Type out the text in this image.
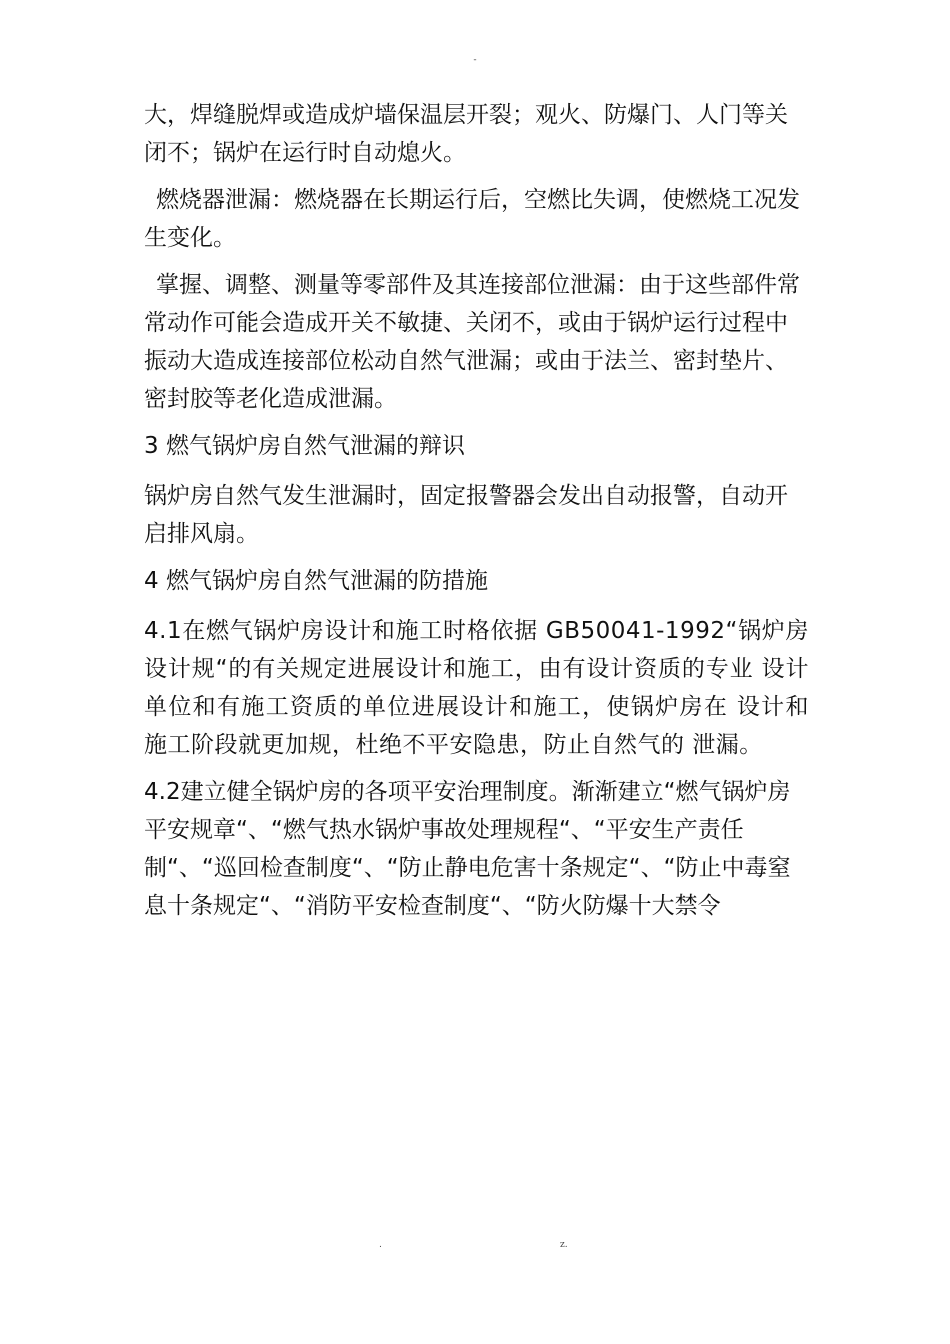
-

大，焊缝脱焊或造成炉墙保温层开裂；观火、防爆门、人门等关闭不；锅炉在运行时自动熄火。

燃烧器泄漏：燃烧器在长期运行后，空燃比失调，使燃烧工况发生变化。

掌握、调整、测量等零部件及其连接部位泄漏：由于这些部件常常动作可能会造成开关不敏捷、关闭不，或由于锅炉运行过程中振动大造成连接部位松动自然气泄漏；或由于法兰、密封垫片、密封胶等老化造成泄漏。

3 燃气锅炉房自然气泄漏的辩识

锅炉房自然气发生泄漏时，固定报警器会发出自动报警，自动开启排风扇。

4 燃气锅炉房自然气泄漏的防措施

4.1在燃气锅炉房设计和施工时格依据 GB50041-1992“锅炉房设计规“的有关规定进展设计和施工，由有设计资质的专业 设计单位和有施工资质的单位进展设计和施工，使锅炉房在 设计和施工阶段就更加规，杜绝不平安隐患，防止自然气的 泄漏。

4.2建立健全锅炉房的各项平安治理制度。渐渐建立“燃气锅炉房平安规章“、“燃气热水锅炉事故处理规程“、“平安生产责任制“、“巡回检查制度“、“防止静电危害十条规定“、“防止中毒窒息十条规定“、“消防平安检查制度“、“防火防爆十大禁令

.	z.
